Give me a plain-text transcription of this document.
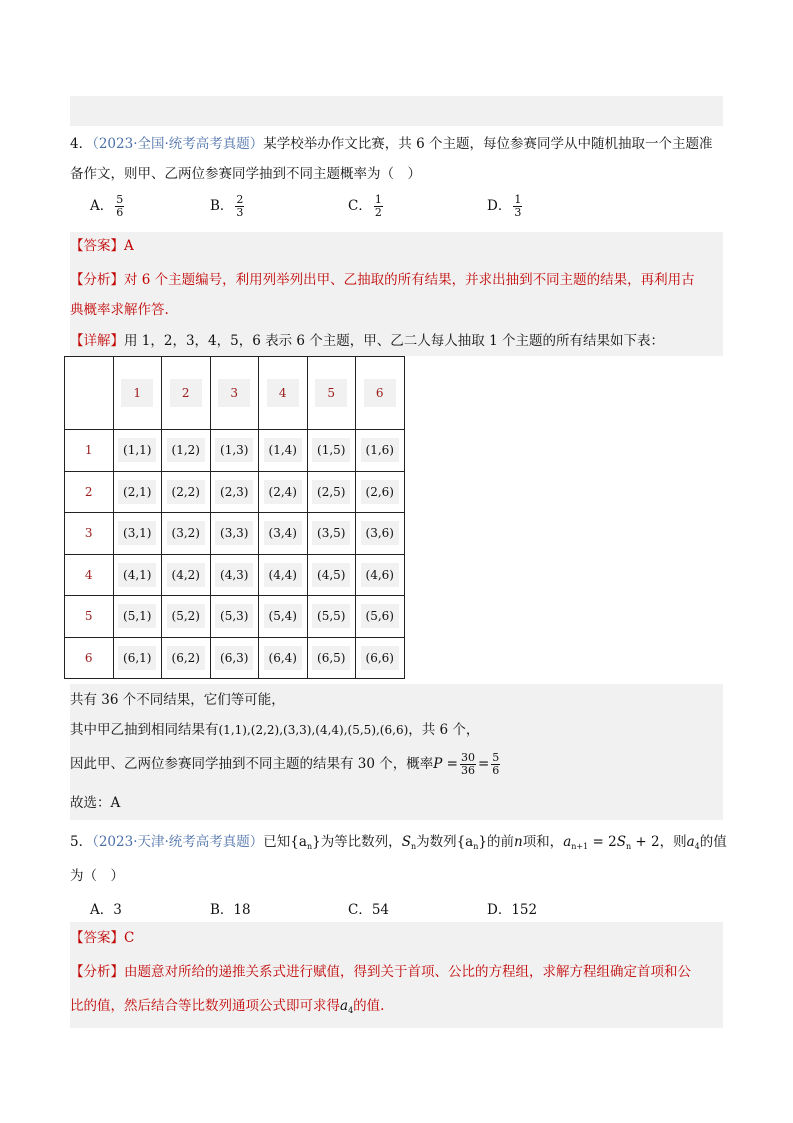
4．（2023·全国·统考高考真题）某学校举办作文比赛，共 6 个主题，每位参赛同学从中随机抽取一个主题准
备作文，则甲、乙两位参赛同学抽到不同主题概率为（　）
A． $\frac{5}{6}$	B． $\frac{2}{3}$	C． $\frac{1}{2}$	D． $\frac{1}{3}$
【答案】A
【分析】对 6 个主题编号，利用列举列出甲、乙抽取的所有结果，并求出抽到不同主题的结果，再利用古
典概率求解作答.
【详解】用 1，2，3，4，5，6 表示 6 个主题，甲、乙二人每人抽取 1 个主题的所有结果如下表：
	1	2	3	4	5	6
1	(1,1)	(1,2)	(1,3)	(1,4)	(1,5)	(1,6)
2	(2,1)	(2,2)	(2,3)	(2,4)	(2,5)	(2,6)
3	(3,1)	(3,2)	(3,3)	(3,4)	(3,5)	(3,6)
4	(4,1)	(4,2)	(4,3)	(4,4)	(4,5)	(4,6)
5	(5,1)	(5,2)	(5,3)	(5,4)	(5,5)	(5,6)
6	(6,1)	(6,2)	(6,3)	(6,4)	(6,5)	(6,6)
共有 36 个不同结果，它们等可能，
其中甲乙抽到相同结果有(1,1),(2,2),(3,3),(4,4),(5,5),(6,6)，共 6 个，
因此甲、乙两位参赛同学抽到不同主题的结果有 30 个，概率$P = \frac{30}{36} = \frac{5}{6}$
故选：A
5．（2023·天津·统考高考真题）已知$\{a_n\}$为等比数列，$S_n$为数列$\{a_n\}$的前n项和，$a_{n+1} = 2S_n + 2$，则$a_4$的值
为（　）
A．3	B．18	C．54	D．152
【答案】C
【分析】由题意对所给的递推关系式进行赋值，得到关于首项、公比的方程组，求解方程组确定首项和公
比的值，然后结合等比数列通项公式即可求得$a_4$的值.
